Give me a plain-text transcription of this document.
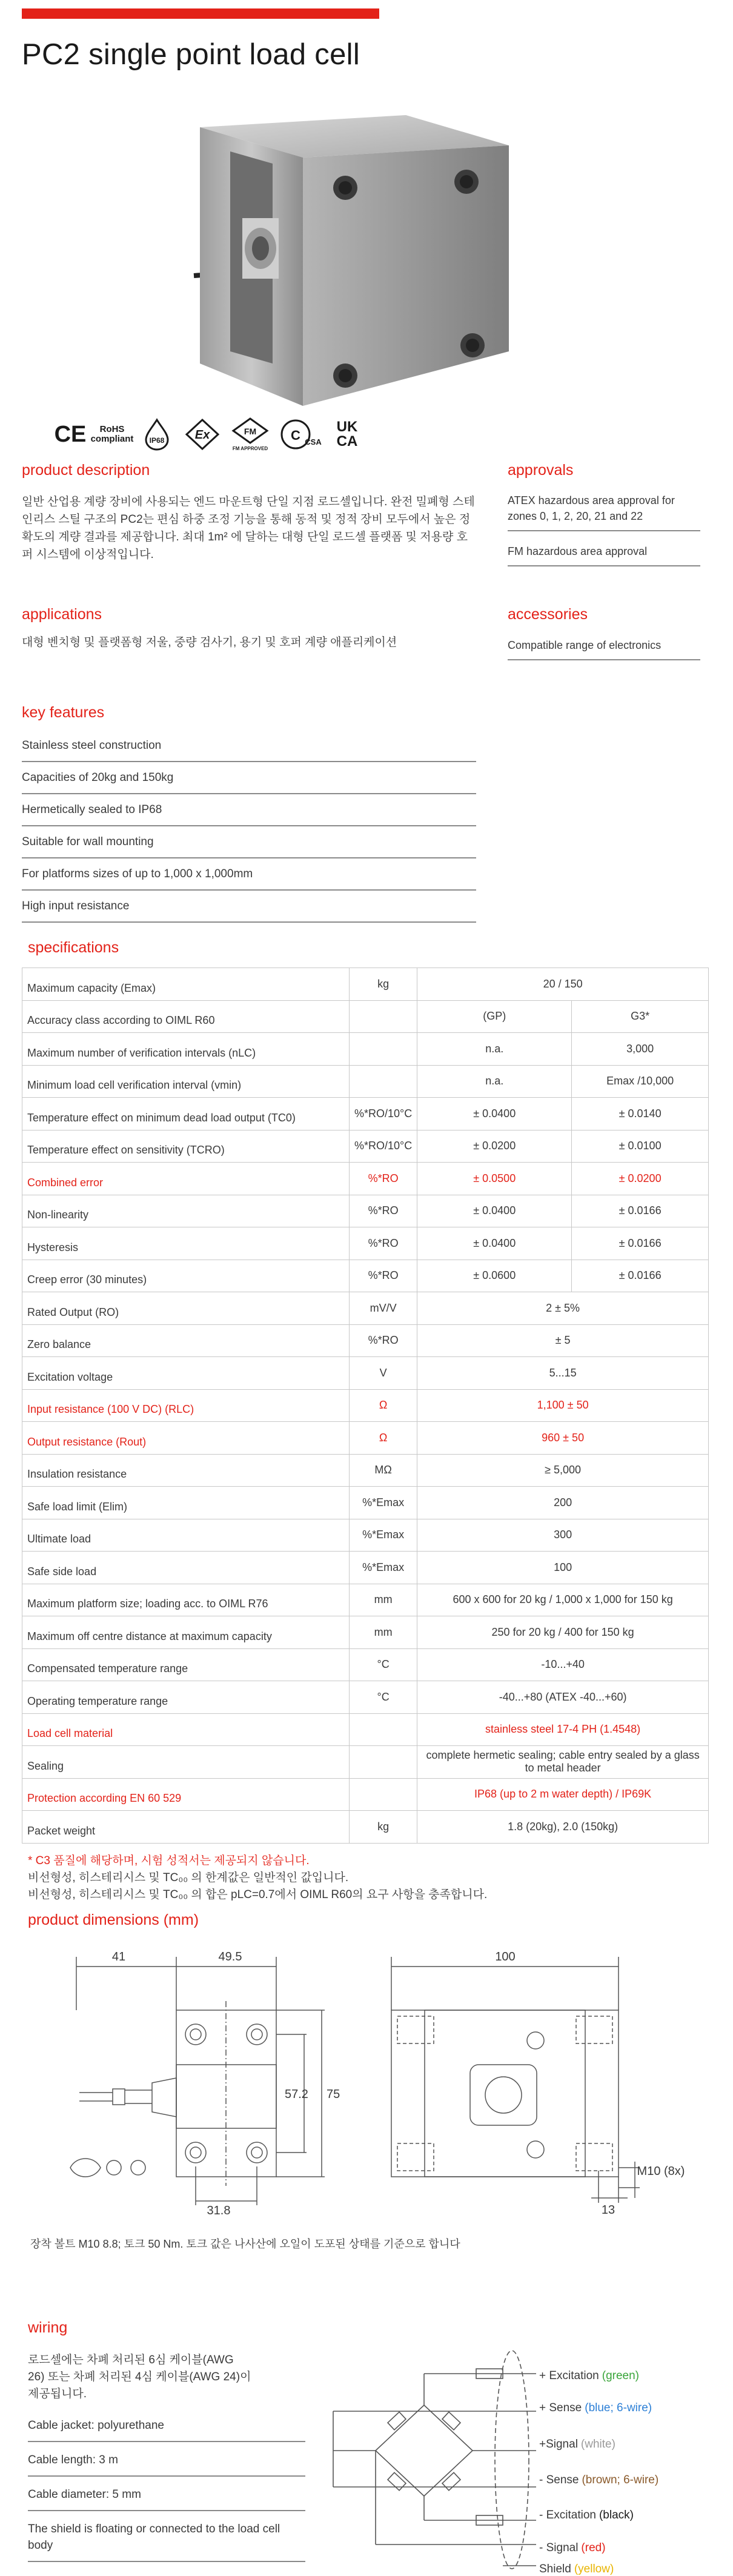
PC2 single point load cell
CE	RoHS compliant IP68	Ex	FM
FM APPROVED
C CSA
UK CA
product description

일반 산업용 계량 장비에 사용되는 엔드 마운트형 단일 지점 로드셀입니다. 완전 밀폐형 스테인리스 스틸 구조의 PC2는 편심 하중 조정 기능을 통해 동적 및 정적 장비 모두에서 높은 정확도의 계량 결과를 제공합니다. 최대 1m² 에 달하는 대형 단일 로드셀 플랫폼 및 저용량 호퍼 시스템에 이상적입니다.

approvals
ATEX hazardous area approval for zones 0, 1, 2, 20, 21 and 22
FM hazardous area approval
applications

대형 벤치형 및 플랫폼형 저울, 중량 검사기, 용기 및 호퍼 계량 애플리케이션

accessories
Compatible range of electronics
key features
Stainless steel construction
Capacities of 20kg and 150kg
Hermetically sealed to IP68
Suitable for wall mounting
For platforms sizes of up to 1,000 x 1,000mm
High input resistance
specifications
Maximum capacity (Emax)	kg	20 / 150	
Accuracy class according to OIML R60		(GP)	G3*
Maximum number of verification intervals (nLC)		n.a.	3,000
Minimum load cell verification interval (vmin)		n.a.	Emax /10,000
Temperature effect on minimum dead load output (TC0)	%*RO/10°C	± 0.0400	± 0.0140
Temperature effect on sensitivity (TCRO)	%*RO/10°C	± 0.0200	± 0.0100
Combined error	%*RO	± 0.0500	± 0.0200
Non-linearity	%*RO	± 0.0400	± 0.0166
Hysteresis	%*RO	± 0.0400	± 0.0166
Creep error (30 minutes)	%*RO	± 0.0600	± 0.0166
Rated Output (RO)	mV/V	2 ± 5%	
Zero balance	%*RO	± 5	
Excitation voltage	V	5...15	
Input resistance (100 V DC) (RLC)	Ω	1,100 ± 50	
Output resistance (Rout)	Ω	960 ± 50	
Insulation resistance	MΩ	≥ 5,000	
Safe load limit (Elim)	%*Emax	200	
Ultimate load	%*Emax	300	
Safe side load	%*Emax	100	
Maximum platform size; loading acc. to OIML R76	mm	600 x 600 for 20 kg / 1,000 x 1,000 for 150 kg	
Maximum off centre distance at maximum capacity	mm	250 for 20 kg / 400 for 150 kg	
Compensated temperature range	°C	-10...+40	
Operating temperature range	°C	-40...+80 (ATEX -40...+60)	
Load cell material		stainless steel 17-4 PH (1.4548)	
Sealing		complete hermetic sealing; cable entry sealed by a glass to metal header	
Protection according EN 60 529		IP68 (up to 2 m water depth) / IP69K	
Packet weight	kg	1.8 (20kg), 2.0 (150kg)	
* C3 품질에 해당하며, 시험 성적서는 제공되지 않습니다.
비선형성, 히스테리시스 및 TC₀₀ 의 한계값은 일반적인 값입니다.
비선형성, 히스테리시스 및 TC₀₀ 의 합은 pLC=0.7에서 OIML R60의 요구 사항을 충족합니다.
product dimensions (mm)
41	49.5
57.2 75
31.8
100
M10 (8x)
13

장착 볼트 M10 8.8; 토크 50 Nm. 토크 값은 나사산에 오일이 도포된 상태를 기준으로 합니다

wiring

로드셀에는 차폐 처리된 6심 케이블(AWG 26) 또는 차폐 처리된 4심 케이블(AWG 24)이 제공됩니다.

Cable jacket: polyurethane
Cable length: 3 m
Cable diameter: 5 mm
The shield is floating or connected to the load cell body
+ Excitation (green)
+ Sense (blue; 6-wire)
+Signal (white)
- Sense (brown; 6-wire)
- Excitation (black)
- Signal (red)
Shield (yellow)
